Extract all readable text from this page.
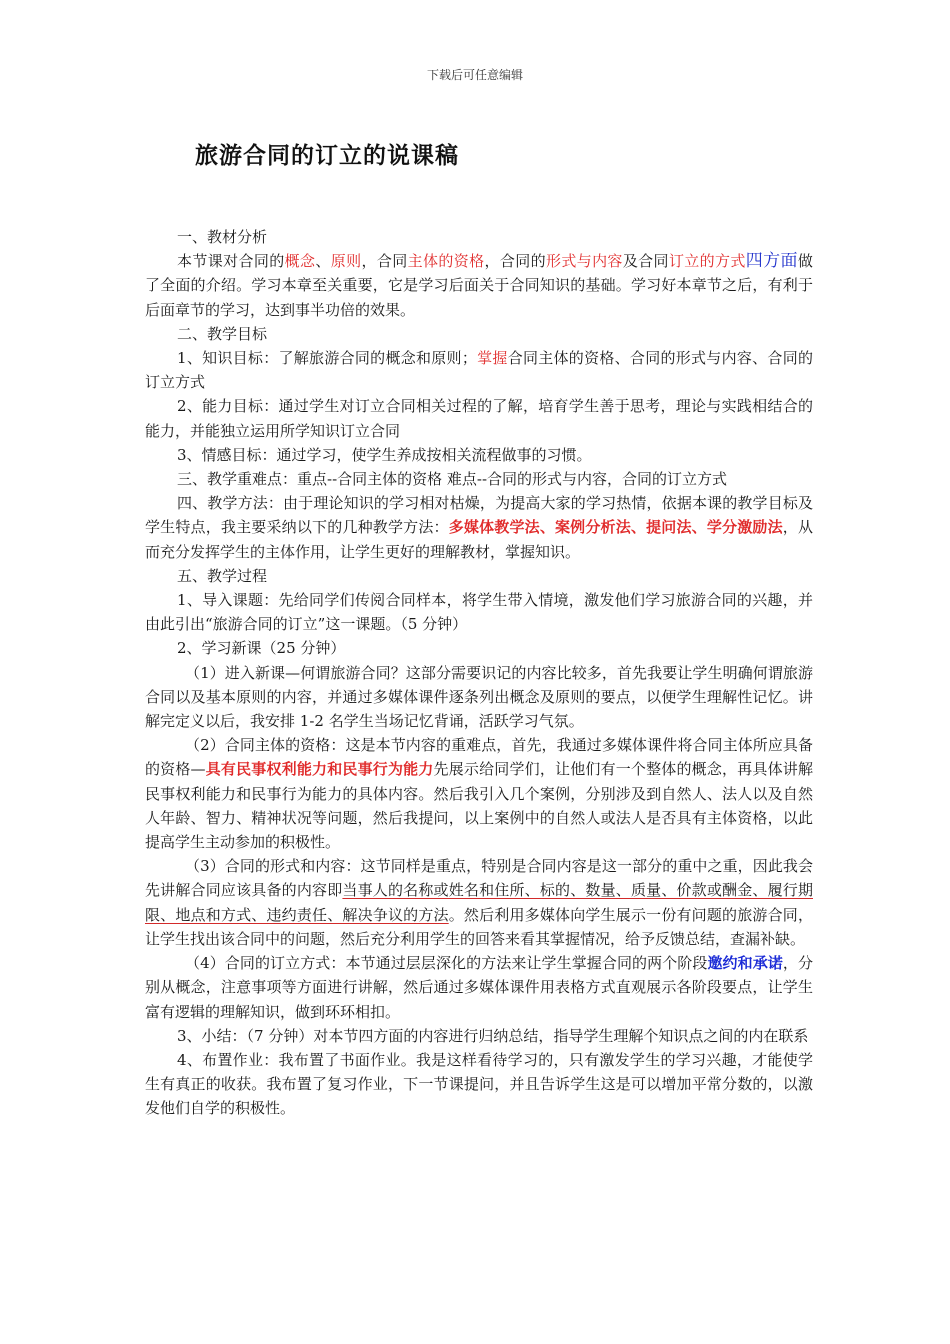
下载后可任意编辑
旅游合同的订立的说课稿

一、教材分析

本节课对合同的概念、原则，合同主体的资格，合同的形式与内容及合同订立的方式四方面做了全面的介绍。学习本章至关重要，它是学习后面关于合同知识的基础。学习好本章节之后，有利于后面章节的学习，达到事半功倍的效果。

二、教学目标

1、知识目标：了解旅游合同的概念和原则；掌握合同主体的资格、合同的形式与内容、合同的订立方式

2、能力目标：通过学生对订立合同相关过程的了解，培育学生善于思考，理论与实践相结合的能力，并能独立运用所学知识订立合同

3、情感目标：通过学习，使学生养成按相关流程做事的习惯。

三、教学重难点：重点--合同主体的资格 难点--合同的形式与内容，合同的订立方式

四、教学方法：由于理论知识的学习相对枯燥，为提高大家的学习热情，依据本课的教学目标及学生特点，我主要采纳以下的几种教学方法：多媒体教学法、案例分析法、提问法、学分激励法，从而充分发挥学生的主体作用，让学生更好的理解教材，掌握知识。

五、教学过程

1、导入课题：先给同学们传阅合同样本，将学生带入情境，激发他们学习旅游合同的兴趣，并由此引出“旅游合同的订立”这一课题。（5 分钟）

2、学习新课（25 分钟）

（1）进入新课—何谓旅游合同？这部分需要识记的内容比较多，首先我要让学生明确何谓旅游合同以及基本原则的内容，并通过多媒体课件逐条列出概念及原则的要点，以便学生理解性记忆。讲解完定义以后，我安排 1-2 名学生当场记忆背诵，活跃学习气氛。

（2）合同主体的资格：这是本节内容的重难点，首先，我通过多媒体课件将合同主体所应具备的资格—具有民事权利能力和民事行为能力先展示给同学们，让他们有一个整体的概念，再具体讲解民事权利能力和民事行为能力的具体内容。然后我引入几个案例，分别涉及到自然人、法人以及自然人年龄、智力、精神状况等问题，然后我提问，以上案例中的自然人或法人是否具有主体资格，以此提高学生主动参加的积极性。

（3）合同的形式和内容：这节同样是重点，特别是合同内容是这一部分的重中之重，因此我会先讲解合同应该具备的内容即当事人的名称或姓名和住所、标的、数量、质量、价款或酬金、履行期限、地点和方式、违约责任、解决争议的方法。然后利用多媒体向学生展示一份有问题的旅游合同，让学生找出该合同中的问题，然后充分利用学生的回答来看其掌握情况，给予反馈总结，查漏补缺。

（4）合同的订立方式：本节通过层层深化的方法来让学生掌握合同的两个阶段邀约和承诺，分别从概念，注意事项等方面进行讲解，然后通过多媒体课件用表格方式直观展示各阶段要点，让学生富有逻辑的理解知识，做到环环相扣。

3、小结：（7 分钟）对本节四方面的内容进行归纳总结，指导学生理解个知识点之间的内在联系

4、布置作业：我布置了书面作业。我是这样看待学习的，只有激发学生的学习兴趣，才能使学生有真正的收获。我布置了复习作业，下一节课提问，并且告诉学生这是可以增加平常分数的，以激发他们自学的积极性。
